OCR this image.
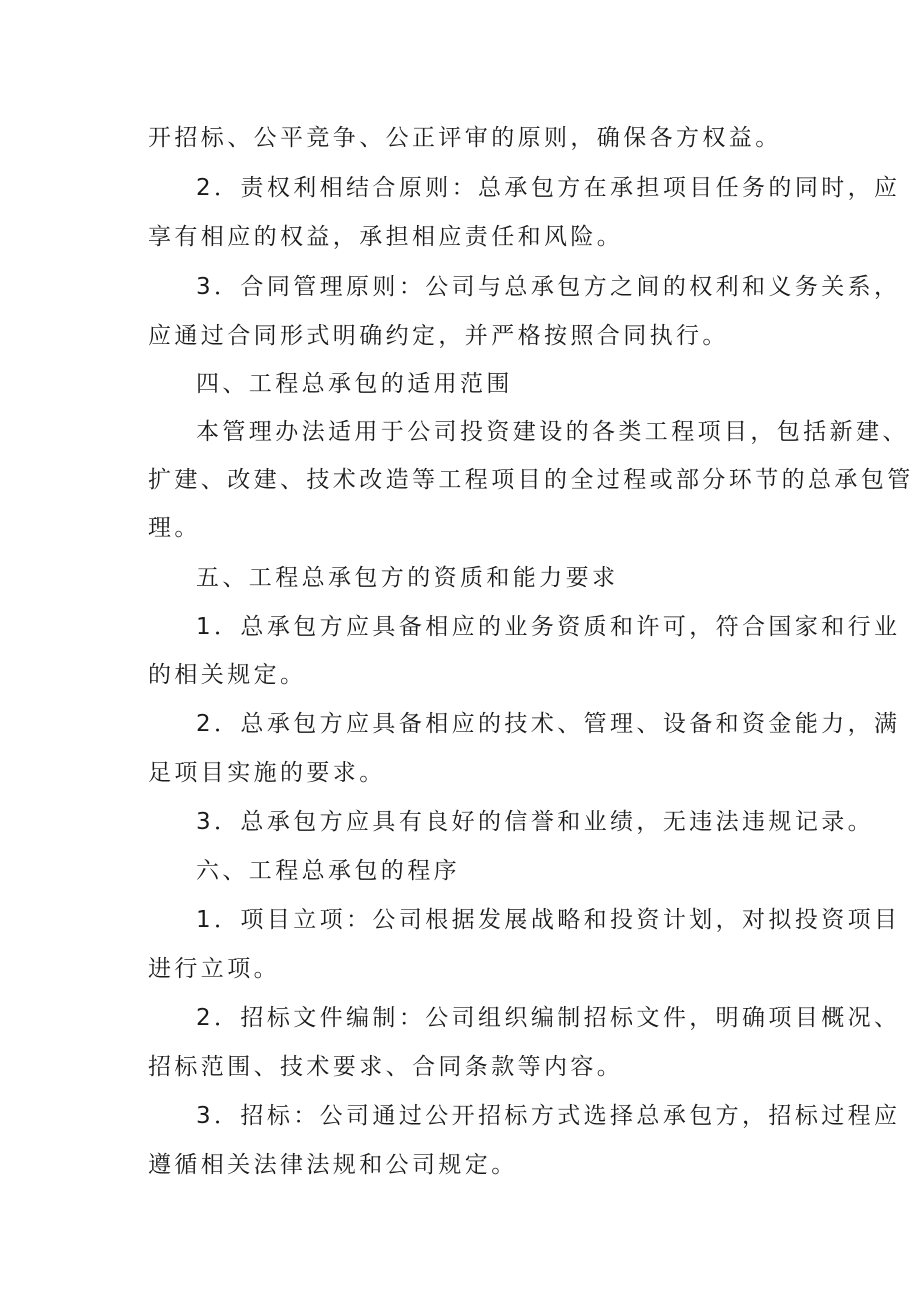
开招标、公平竞争、公正评审的原则，确保各方权益。
2．责权利相结合原则：总承包方在承担项目任务的同时，应
享有相应的权益，承担相应责任和风险。
3．合同管理原则：公司与总承包方之间的权利和义务关系，
应通过合同形式明确约定，并严格按照合同执行。
四、工程总承包的适用范围
本管理办法适用于公司投资建设的各类工程项目，包括新建、
扩建、改建、技术改造等工程项目的全过程或部分环节的总承包管
理。
五、工程总承包方的资质和能力要求
1．总承包方应具备相应的业务资质和许可，符合国家和行业
的相关规定。
2．总承包方应具备相应的技术、管理、设备和资金能力，满
足项目实施的要求。
3．总承包方应具有良好的信誉和业绩，无违法违规记录。
六、工程总承包的程序
1．项目立项：公司根据发展战略和投资计划，对拟投资项目
进行立项。
2．招标文件编制：公司组织编制招标文件，明确项目概况、
招标范围、技术要求、合同条款等内容。
3．招标：公司通过公开招标方式选择总承包方，招标过程应
遵循相关法律法规和公司规定。
